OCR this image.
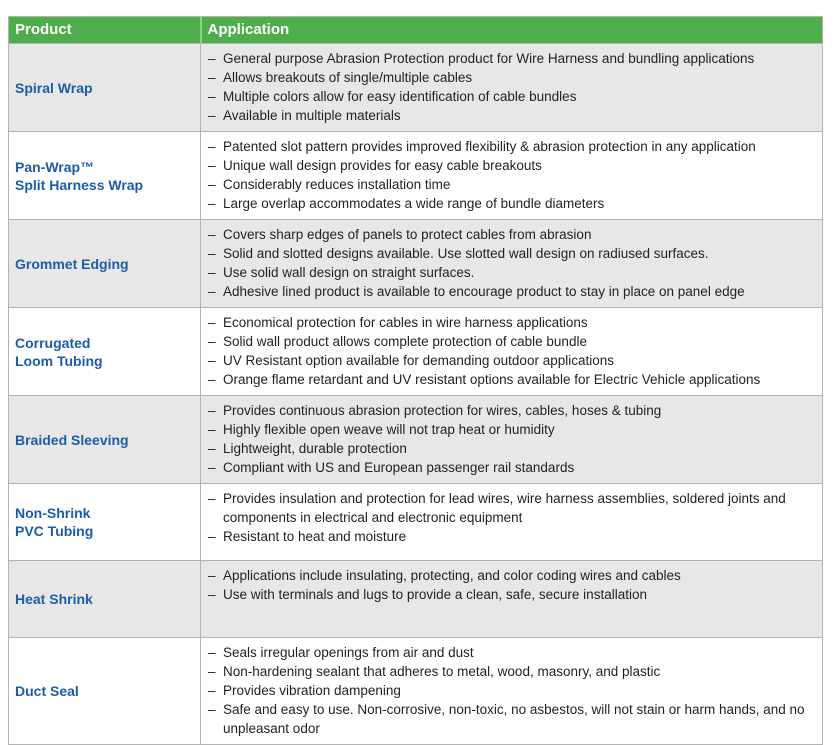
Product	Application
Spiral Wrap	
– General purpose Abrasion Protection product for Wire Harness and bundling applications
– Allows breakouts of single/multiple cables
– Multiple colors allow for easy identification of cable bundles
– Available in multiple materials

Pan-Wrap™
Split Harness Wrap	
– Patented slot pattern provides improved flexibility & abrasion protection in any application
– Unique wall design provides for easy cable breakouts
– Considerably reduces installation time
– Large overlap accommodates a wide range of bundle diameters

Grommet Edging	
– Covers sharp edges of panels to protect cables from abrasion
– Solid and slotted designs available. Use slotted wall design on radiused surfaces.
– Use solid wall design on straight surfaces.
– Adhesive lined product is available to encourage product to stay in place on panel edge

Corrugated
Loom Tubing	
– Economical protection for cables in wire harness applications
– Solid wall product allows complete protection of cable bundle
– UV Resistant option available for demanding outdoor applications
– Orange flame retardant and UV resistant options available for Electric Vehicle applications

Braided Sleeving	
– Provides continuous abrasion protection for wires, cables, hoses & tubing
– Highly flexible open weave will not trap heat or humidity
– Lightweight, durable protection
– Compliant with US and European passenger rail standards

Non-Shrink
PVC Tubing	
– Provides insulation and protection for lead wires, wire harness assemblies, soldered joints and components in electrical and electronic equipment
– Resistant to heat and moisture

Heat Shrink	– Applications include insulating, protecting, and color coding wires and cables
– Use with terminals and lugs to provide a clean, safe, secure installation

Duct Seal	
– Seals irregular openings from air and dust
– Non-hardening sealant that adheres to metal, wood, masonry, and plastic
– Provides vibration dampening
– Safe and easy to use. Non-corrosive, non-toxic, no asbestos, will not stain or harm hands, and no unpleasant odor
